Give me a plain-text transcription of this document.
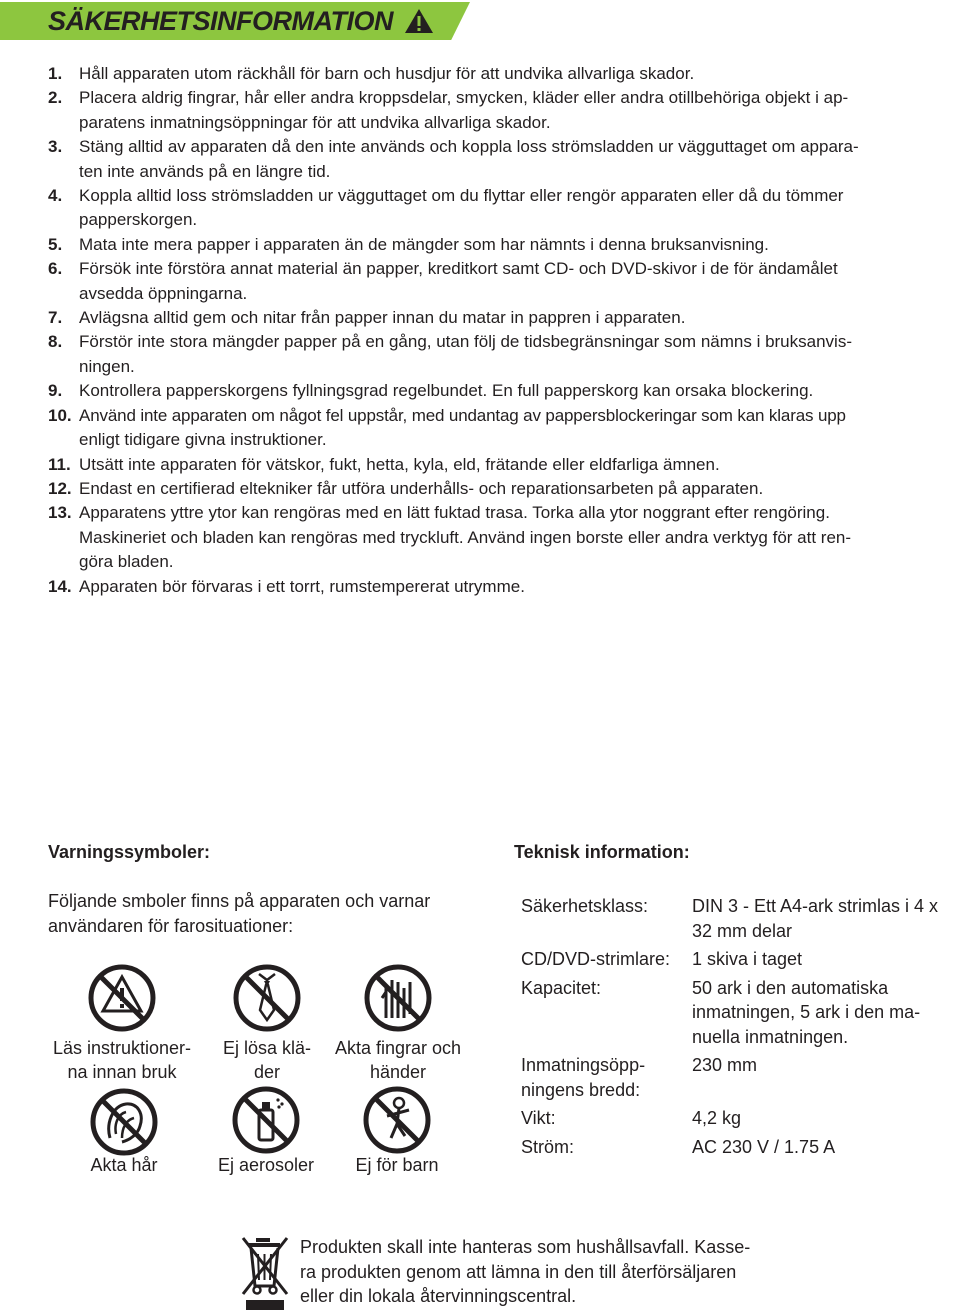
SÄKERHETSINFORMATION
1. Håll apparaten utom räckhåll för barn och husdjur för att undvika allvarliga skador.
2. Placera aldrig fingrar, hår eller andra kroppsdelar, smycken, kläder eller andra otillbehöriga objekt i ap-
paratens inmatningsöppningar för att undvika allvarliga skador.
3. Stäng alltid av apparaten då den inte används och koppla loss strömsladden ur vägguttaget om appara-
ten inte används på en längre tid.
4. Koppla alltid loss strömsladden ur vägguttaget om du flyttar eller rengör apparaten eller då du tömmer
papperskorgen.
5. Mata inte mera papper i apparaten än de mängder som har nämnts i denna bruksanvisning.
6. Försök inte förstöra annat material än papper, kreditkort samt CD- och DVD-skivor i de för ändamålet
avsedda öppningarna.
7. Avlägsna alltid gem och nitar från papper innan du matar in pappren i apparaten.
8. Förstör inte stora mängder papper på en gång, utan följ de tidsbegränsningar som nämns i bruksanvis-
ningen.
9. Kontrollera papperskorgens fyllningsgrad regelbundet. En full papperskorg kan orsaka blockering.
10. Använd inte apparaten om något fel uppstår, med undantag av pappersblockeringar som kan klaras upp
enligt tidigare givna instruktioner.
11. Utsätt inte apparaten för vätskor, fukt, hetta, kyla, eld, frätande eller eldfarliga ämnen.
12. Endast en certifierad eltekniker får utföra underhålls- och reparationsarbeten på apparaten.
13. Apparatens yttre ytor kan rengöras med en lätt fuktad trasa. Torka alla ytor noggrant efter rengöring.
Maskineriet och bladen kan rengöras med tryckluft. Använd ingen borste eller andra verktyg för att ren-
göra bladen.
14. Apparaten bör förvaras i ett torrt, rumstempererat utrymme.
Varningssymboler:
Följande smboler finns på apparaten och varnar
användaren för farosituationer:
Läs instruktioner-
na innan bruk
Ej lösa klä-
der
Akta fingrar och
händer
Akta hår	Ej aerosoler	Ej för barn
Teknisk information:
Säkerhetsklass:	DIN 3 - Ett A4-ark strimlas i 4 x
32 mm delar

CD/DVD-strimlare:	1 skiva i taget

Kapacitet:	50 ark i den automatiska
inmatningen, 5 ark i den ma-
nuella inmatningen.

Inmatningsöpp-
ningens bredd:	230 mm

Vikt:	4,2 kg

Ström:	AC 230 V / 1.75 A
Produkten skall inte hanteras som hushållsavfall. Kasse-
ra produkten genom att lämna in den till återförsäljaren
eller din lokala återvinningscentral.
